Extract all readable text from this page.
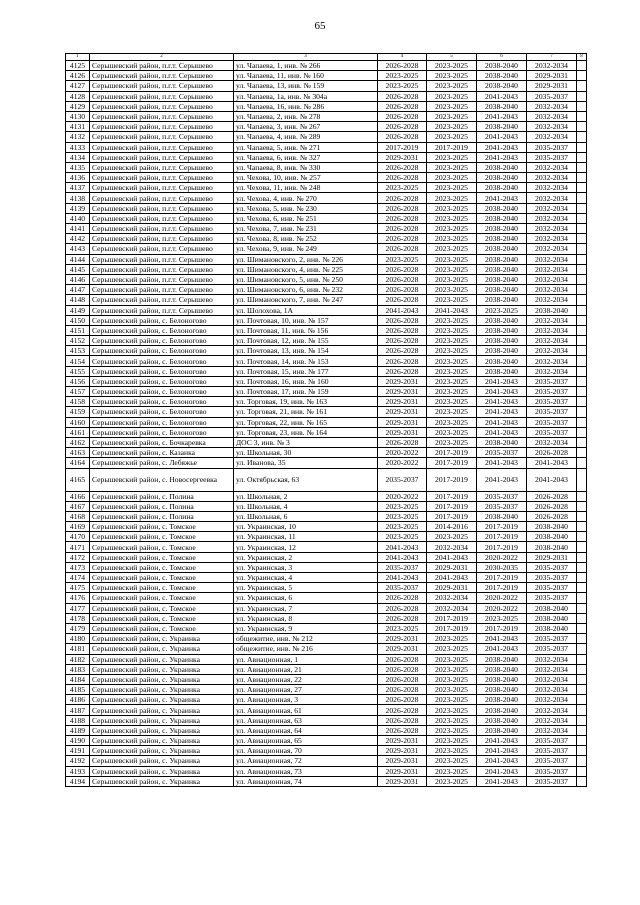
65
1	2	3	4	5	6	7	8
4125	Серышевский район, п.г.т. Серышево	ул. Чапаева, 1, инв. № 266	2026-2028	2023-2025	2038-2040	2032-2034	
4126	Серышевский район, п.г.т. Серышево	ул. Чапаева, 11, инв. № 160	2023-2025	2023-2025	2038-2040	2029-2031	
4127	Серышевский район, п.г.т. Серышево	ул. Чапаева, 13, инв. № 159	2023-2025	2023-2025	2038-2040	2029-2031	
4128	Серышевский район, п.г.т. Серышево	ул. Чапаева, 1а, инв. № 304а	2026-2028	2023-2025	2041-2043	2035-2037	
4129	Серышевский район, п.г.т. Серышево	ул. Чапаева, 16, инв. № 286	2026-2028	2023-2025	2038-2040	2032-2034	
4130	Серышевский район, п.г.т. Серышево	ул. Чапаева, 2, инв. № 278	2026-2028	2023-2025	2041-2043	2032-2034	
4131	Серышевский район, п.г.т. Серышево	ул. Чапаева, 3, инв. № 267	2026-2028	2023-2025	2038-2040	2032-2034	
4132	Серышевский район, п.г.т. Серышево	ул. Чапаева, 4, инв. № 289	2026-2028	2023-2025	2041-2043	2032-2034	
4133	Серышевский район, п.г.т. Серышево	ул. Чапаева, 5, инв. № 271	2017-2019	2017-2019	2041-2043	2035-2037	
4134	Серышевский район, п.г.т. Серышево	ул. Чапаева, 6, инв. № 327	2029-2031	2023-2025	2041-2043	2035-2037	
4135	Серышевский район, п.г.т. Серышево	ул. Чапаева, 8, инв. № 330	2026-2028	2023-2025	2038-2040	2032-2034	
4136	Серышевский район, п.г.т. Серышево	ул. Чехова, 10, инв. № 257	2026-2028	2023-2025	2038-2040	2032-2034	
4137	Серышевский район, п.г.т. Серышево	ул. Чехова, 11, инв. № 248	2023-2025	2023-2025	2038-2040	2032-2034	
4138	Серышевский район, п.г.т. Серышево	ул. Чехова, 4, инв. № 270	2026-2028	2023-2025	2041-2043	2032-2034	
4139	Серышевский район, п.г.т. Серышево	ул. Чехова, 5, инв. № 230	2026-2028	2023-2025	2038-2040	2032-2034	
4140	Серышевский район, п.г.т. Серышево	ул. Чехова, 6, инв. № 251	2026-2028	2023-2025	2038-2040	2032-2034	
4141	Серышевский район, п.г.т. Серышево	ул. Чехова, 7, инв. № 231	2026-2028	2023-2025	2038-2040	2032-2034	
4142	Серышевский район, п.г.т. Серышево	ул. Чехова, 8, инв. № 252	2026-2028	2023-2025	2038-2040	2032-2034	
4143	Серышевский район, п.г.т. Серышево	ул. Чехова, 9, инв. № 249	2026-2028	2023-2025	2038-2040	2032-2034	
4144	Серышевский район, п.г.т. Серышево	ул. Шимановского, 2, инв. № 226	2023-2025	2023-2025	2038-2040	2032-2034	
4145	Серышевский район, п.г.т. Серышево	ул. Шимановского, 4, инв. № 225	2026-2028	2023-2025	2038-2040	2032-2034	
4146	Серышевский район, п.г.т. Серышево	ул. Шимановского, 5, инв. № 250	2026-2028	2023-2025	2038-2040	2032-2034	
4147	Серышевский район, п.г.т. Серышево	ул. Шимановского, 6, инв. № 232	2026-2028	2023-2025	2038-2040	2032-2034	
4148	Серышевский район, п.г.т. Серышево	ул. Шимановского, 7, инв. № 247	2026-2028	2023-2025	2038-2040	2032-2034	
4149	Серышевский район, п.г.т. Серышево	ул. Шолохова, 1А	2041-2043	2041-2043	2023-2025	2038-2040	
4150	Серышевский район, с. Белоногово	ул. Почтовая, 10, инв. № 157	2026-2028	2023-2025	2038-2040	2032-2034	
4151	Серышевский район, с. Белоногово	ул. Почтовая, 11, инв. № 156	2026-2028	2023-2025	2038-2040	2032-2034	
4152	Серышевский район, с. Белоногово	ул. Почтовая, 12, инв. № 155	2026-2028	2023-2025	2038-2040	2032-2034	
4153	Серышевский район, с. Белоногово	ул. Почтовая, 13, инв. № 154	2026-2028	2023-2025	2038-2040	2032-2034	
4154	Серышевский район, с. Белоногово	ул. Почтовая, 14, инв. № 153	2026-2028	2023-2025	2038-2040	2032-2034	
4155	Серышевский район, с. Белоногово	ул. Почтовая, 15, инв. № 177	2026-2028	2023-2025	2038-2040	2032-2034	
4156	Серышевский район, с. Белоногово	ул. Почтовая, 16, инв. № 160	2029-2031	2023-2025	2041-2043	2035-2037	
4157	Серышевский район, с. Белоногово	ул. Почтовая, 17, инв. № 159	2029-2031	2023-2025	2041-2043	2035-2037	
4158	Серышевский район, с. Белоногово	ул. Торговая, 19, инв. № 163	2029-2031	2023-2025	2041-2043	2035-2037	
4159	Серышевский район, с. Белоногово	ул. Торговая, 21, инв. № 161	2029-2031	2023-2025	2041-2043	2035-2037	
4160	Серышевский район, с. Белоногово	ул. Торговая, 22, инв. № 165	2029-2031	2023-2025	2041-2043	2035-2037	
4161	Серышевский район, с. Белоногово	ул. Торговая, 23, инв. № 164	2029-2031	2023-2025	2041-2043	2035-2037	
4162	Серышевский район, с. Бочкаревка	ДОС 3, инв. № 3	2026-2028	2023-2025	2038-2040	2032-2034	
4163	Серышевский район, с. Казанка	ул. Школьная, 30	2020-2022	2017-2019	2035-2037	2026-2028	
4164	Серышевский район, с. Лебяжье	ул. Иванова, 35	2020-2022	2017-2019	2041-2043	2041-2043	
4165	Серышевский район, с. Новосергеевка	ул. Октябрьская, 63	2035-2037	2017-2019	2041-2043	2041-2043	
4166	Серышевский район, с. Полина	ул. Школьная, 2	2020-2022	2017-2019	2035-2037	2026-2028	
4167	Серышевский район, с. Полина	ул. Школьная, 4	2023-2025	2017-2019	2035-2037	2026-2028	
4168	Серышевский район, с. Полина	ул. Школьная, 6	2023-2025	2017-2019	2038-2040	2026-2028	
4169	Серышевский район, с. Томское	ул. Украинская, 10	2023-2025	2014-2016	2017-2019	2038-2040	
4170	Серышевский район, с. Томское	ул. Украинская, 11	2023-2025	2023-2025	2017-2019	2038-2040	
4171	Серышевский район, с. Томское	ул. Украинская, 12	2041-2043	2032-2034	2017-2019	2038-2040	
4172	Серышевский район, с. Томское	ул. Украинская, 2	2041-2043	2041-2043	2020-2022	2029-2031	
4173	Серышевский район, с. Томское	ул. Украинская, 3	2035-2037	2029-2031	2030-2035	2035-2037	
4174	Серышевский район, с. Томское	ул. Украинская, 4	2041-2043	2041-2043	2017-2019	2035-2037	
4175	Серышевский район, с. Томское	ул. Украинская, 5	2035-2037	2029-2031	2017-2019	2035-2037	
4176	Серышевский район, с. Томское	ул. Украинская, 6	2026-2028	2032-2034	2020-2022	2035-2037	
4177	Серышевский район, с. Томское	ул. Украинская, 7	2026-2028	2032-2034	2020-2022	2038-2040	
4178	Серышевский район, с. Томское	ул. Украинская, 8	2026-2028	2017-2019	2023-2025	2038-2040	
4179	Серышевский район, с. Томское	ул. Украинская, 9	2023-2025	2017-2019	2017-2019	2038-2040	
4180	Серышевский район, с. Украинка	общежитие, инв. № 212	2029-2031	2023-2025	2041-2043	2035-2037	
4181	Серышевский район, с. Украинка	общежитие, инв. № 216	2029-2031	2023-2025	2041-2043	2035-2037	
4182	Серышевский район, с. Украинка	ул. Авиационная, 1	2026-2028	2023-2025	2038-2040	2032-2034	
4183	Серышевский район, с. Украинка	ул. Авиационная, 21	2026-2028	2023-2025	2038-2040	2032-2034	
4184	Серышевский район, с. Украинка	ул. Авиационная, 22	2026-2028	2023-2025	2038-2040	2032-2034	
4185	Серышевский район, с. Украинка	ул. Авиационная, 27	2026-2028	2023-2025	2038-2040	2032-2034	
4186	Серышевский район, с. Украинка	ул. Авиационная, 3	2026-2028	2023-2025	2038-2040	2032-2034	
4187	Серышевский район, с. Украинка	ул. Авиационная, 61	2026-2028	2023-2025	2038-2040	2032-2034	
4188	Серышевский район, с. Украинка	ул. Авиационная, 63	2026-2028	2023-2025	2038-2040	2032-2034	
4189	Серышевский район, с. Украинка	ул. Авиационная, 64	2026-2028	2023-2025	2038-2040	2032-2034	
4190	Серышевский район, с. Украинка	ул. Авиационная, 65	2029-2031	2023-2025	2041-2043	2035-2037	
4191	Серышевский район, с. Украинка	ул. Авиационная, 70	2029-2031	2023-2025	2041-2043	2035-2037	
4192	Серышевский район, с. Украинка	ул. Авиационная, 72	2029-2031	2023-2025	2041-2043	2035-2037	
4193	Серышевский район, с. Украинка	ул. Авиационная, 73	2029-2031	2023-2025	2041-2043	2035-2037	
4194	Серышевский район, с. Украинка	ул. Авиационная, 74	2029-2031	2023-2025	2041-2043	2035-2037	
